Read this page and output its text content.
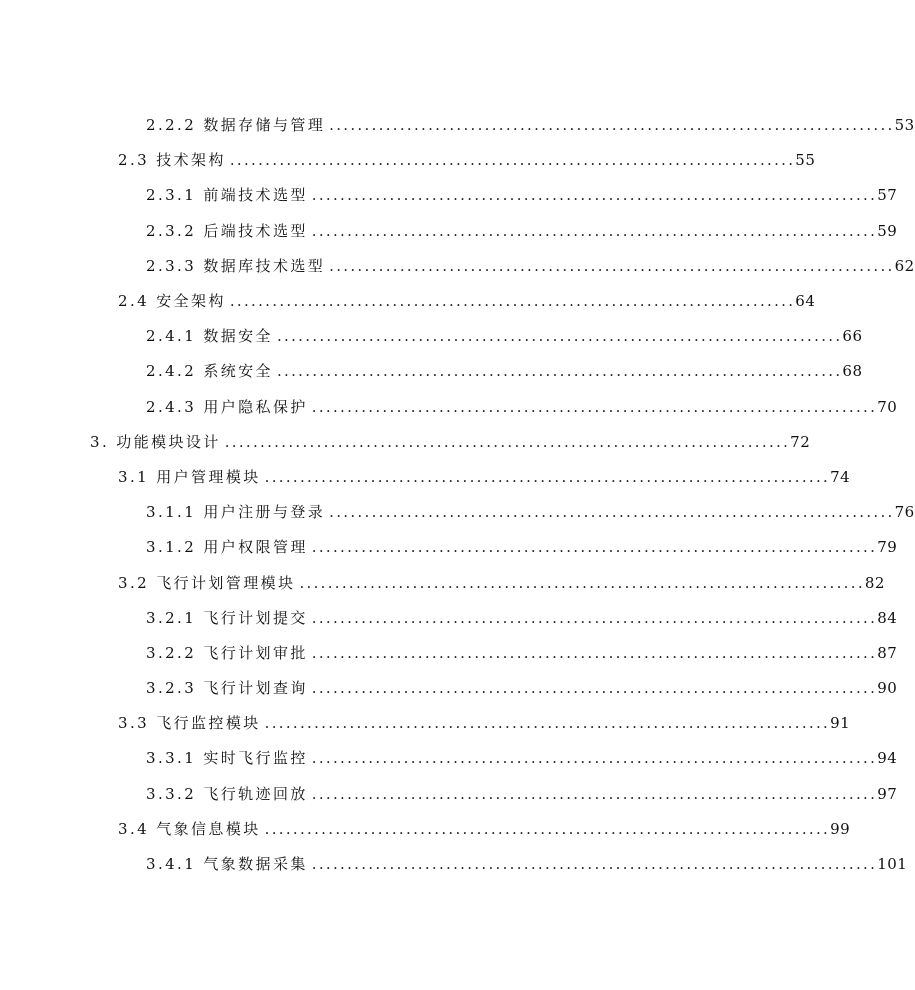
2.2.2 数据存储与管理 ................................................................................ 53
2.3 技术架构 ................................................................................ 55
2.3.1 前端技术选型 ................................................................................ 57
2.3.2 后端技术选型 ................................................................................ 59
2.3.3 数据库技术选型 ................................................................................ 62
2.4 安全架构 ................................................................................ 64
2.4.1 数据安全 ................................................................................ 66
2.4.2 系统安全 ................................................................................ 68
2.4.3 用户隐私保护 ................................................................................ 70
3. 功能模块设计 ................................................................................ 72
3.1 用户管理模块 ................................................................................ 74
3.1.1 用户注册与登录 ................................................................................ 76
3.1.2 用户权限管理 ................................................................................ 79
3.2 飞行计划管理模块 ................................................................................ 82
3.2.1 飞行计划提交 ................................................................................ 84
3.2.2 飞行计划审批 ................................................................................ 87
3.2.3 飞行计划查询 ................................................................................ 90
3.3 飞行监控模块 ................................................................................ 91
3.3.1 实时飞行监控 ................................................................................ 94
3.3.2 飞行轨迹回放 ................................................................................ 97
3.4 气象信息模块 ................................................................................ 99
3.4.1 气象数据采集 ................................................................................ 101
